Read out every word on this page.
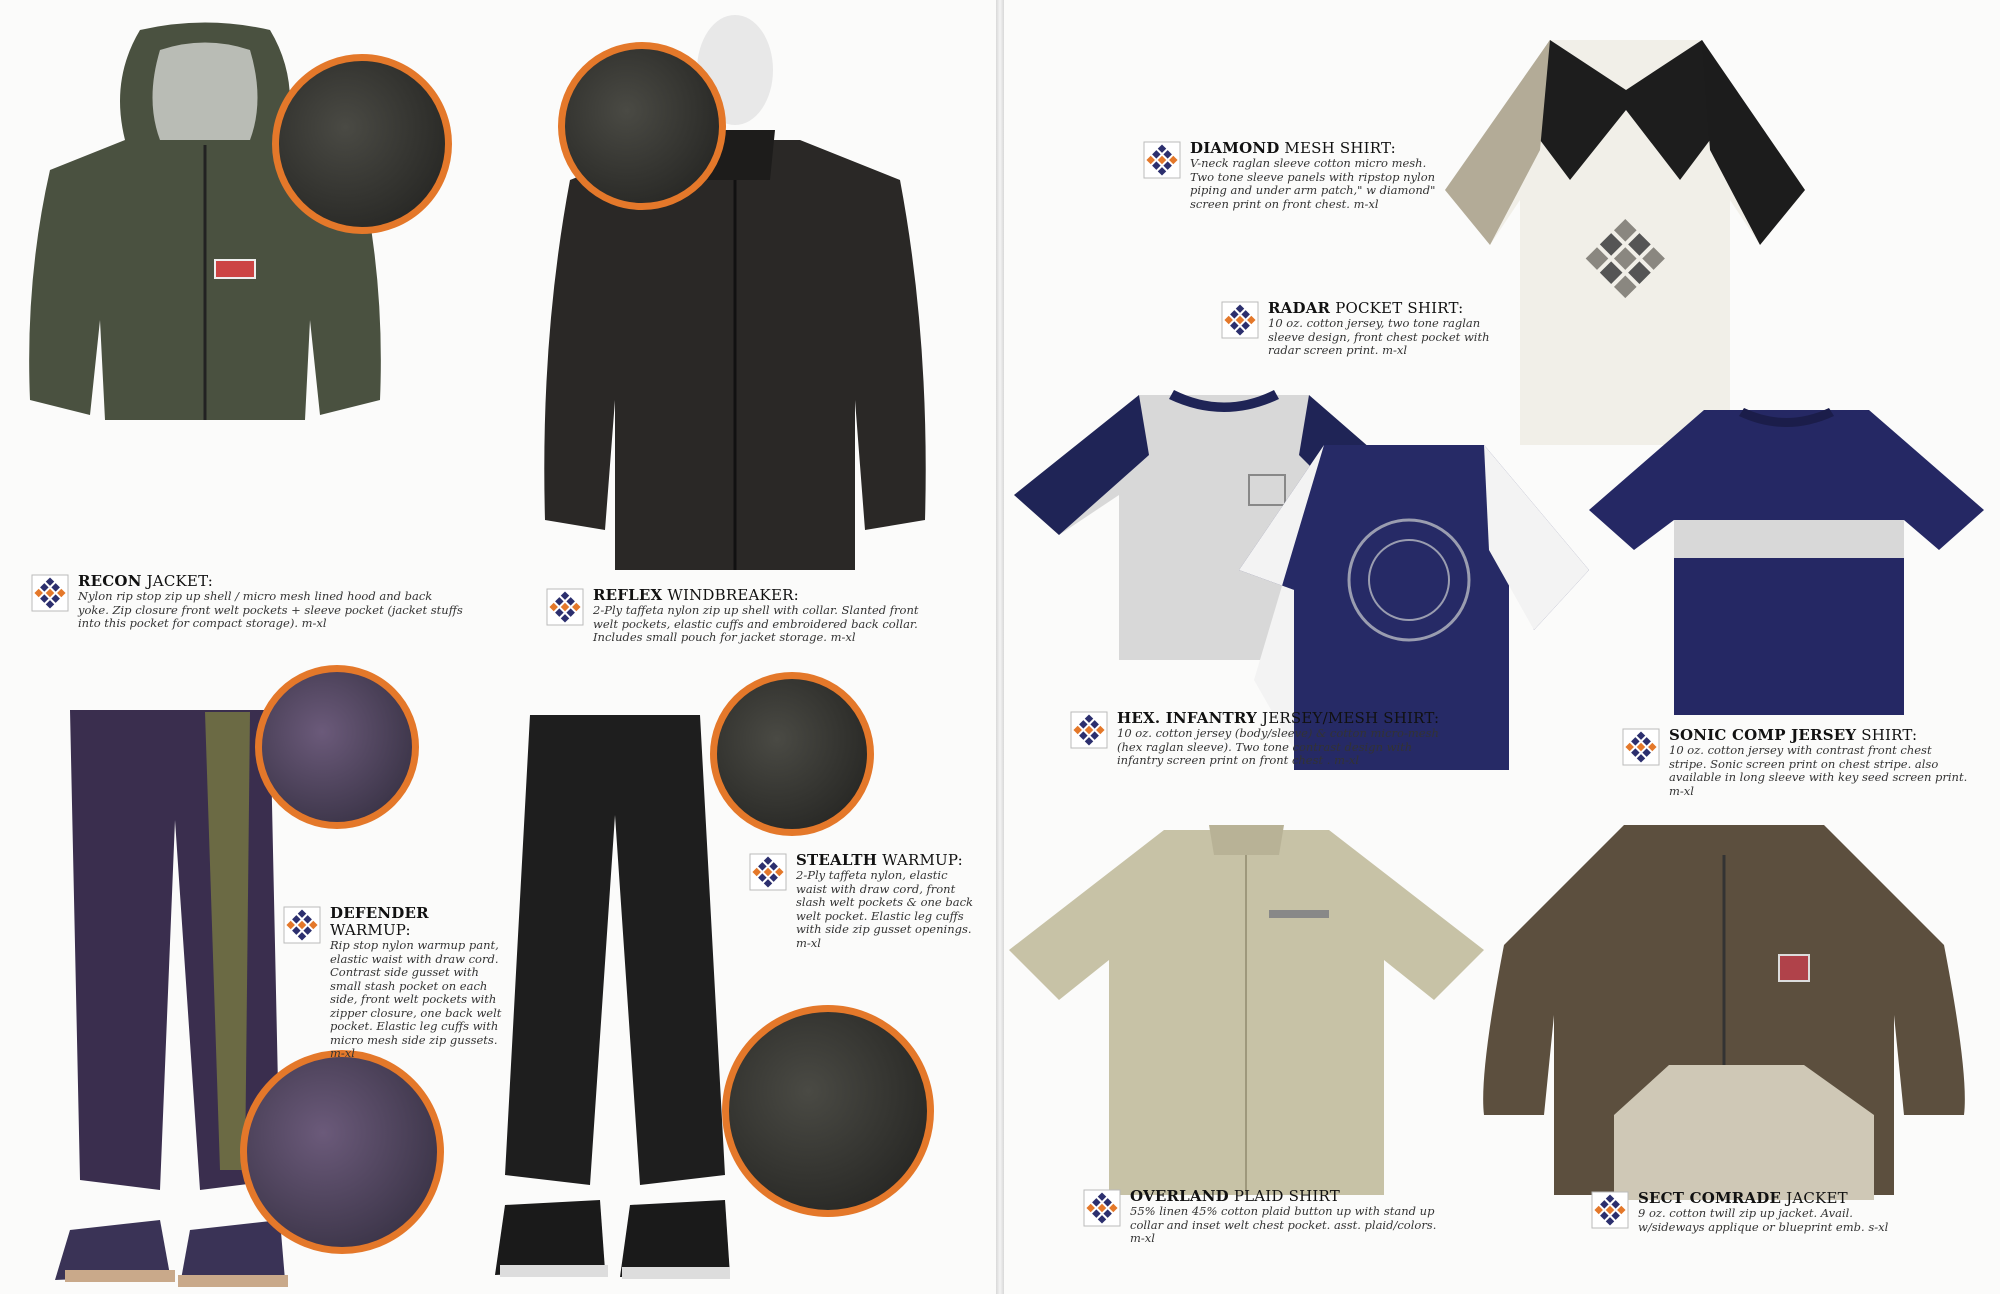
RECON JACKET:
Nylon rip stop zip up shell / micro mesh lined hood and back yoke. Zip closure front welt pockets + sleeve pocket (jacket stuffs into this pocket for compact storage). m-xl
REFLEX WINDBREAKER:
2-Ply taffeta nylon zip up shell with collar. Slanted front welt pockets, elastic cuffs and embroidered back collar. Includes small pouch for jacket storage. m-xl
DEFENDER WARMUP:
Rip stop nylon warmup pant, elastic waist with draw cord. Contrast side gusset with small stash pocket on each side, front welt pockets with zipper closure, one back welt pocket. Elastic leg cuffs with micro mesh side zip gussets. m-xl
STEALTH WARMUP:
2-Ply taffeta nylon, elastic waist with draw cord, front slash welt pockets & one back welt pocket. Elastic leg cuffs with side zip gusset openings. m-xl
DIAMOND MESH SHIRT:
V-neck raglan sleeve cotton micro mesh. Two tone sleeve panels with ripstop nylon piping and under arm patch," w diamond" screen print on front chest. m-xl
RADAR POCKET SHIRT:
10 oz. cotton jersey, two tone raglan sleeve design, front chest pocket with radar screen print. m-xl
HEX. INFANTRY JERSEY/MESH SHIRT:
10 oz. cotton jersey (body/sleeve) & cotton micro-mesh (hex raglan sleeve). Two tone contrast design with infantry screen print on front chest . m-xl
SONIC COMP JERSEY SHIRT:
10 oz. cotton jersey with contrast front chest stripe. Sonic screen print on chest stripe. also available in long sleeve with key seed screen print. m-xl
OVERLAND PLAID SHIRT
55% linen 45% cotton plaid button up with stand up collar and inset welt chest pocket. asst. plaid/colors. m-xl
SECT COMRADE JACKET
9 oz. cotton twill zip up jacket. Avail. w/sideways applique or blueprint emb. s-xl
